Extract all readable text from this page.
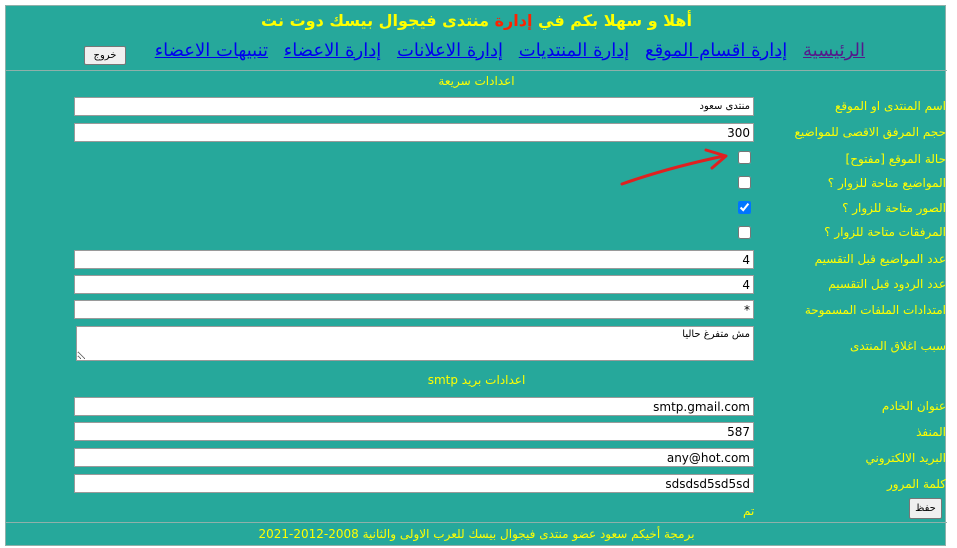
أهلا و سهلا بكم في إدارة منتدى فيجوال بيسك دوت نت
الرئيسية إدارة اقسام الموقع إدارة المنتديات إدارة الاعلانات إدارة الاعضاء تنبيهات الاعضاء
خروج
اعدادات سريعة
اسم المنتدى او الموقع
منتدى سعود
حجم المرفق الاقصى للمواضيع
300
حالة الموقع [مفتوح]
المواضيع متاحة للزوار ؟
الصور متاحة للزوار ؟
المرفقات متاحة للزوار ؟
عدد المواضيع قبل التقسيم
4
عدد الردود قبل التقسيم
4
امتدادات الملفات المسموحة
*
سبب اغلاق المنتدى
مش متفرغ حاليا
اعدادات بريد smtp
عنوان الخادم
smtp.gmail.com
المنفذ
587
البريد الالكتروني
any@hot.com
كلمة المرور
sdsdsd5sd5sd
تم	حفظ
برمجة أخيكم سعود عضو منتدى فيجوال بيسك للعرب الاولى والثانية 2008-2012-2021
